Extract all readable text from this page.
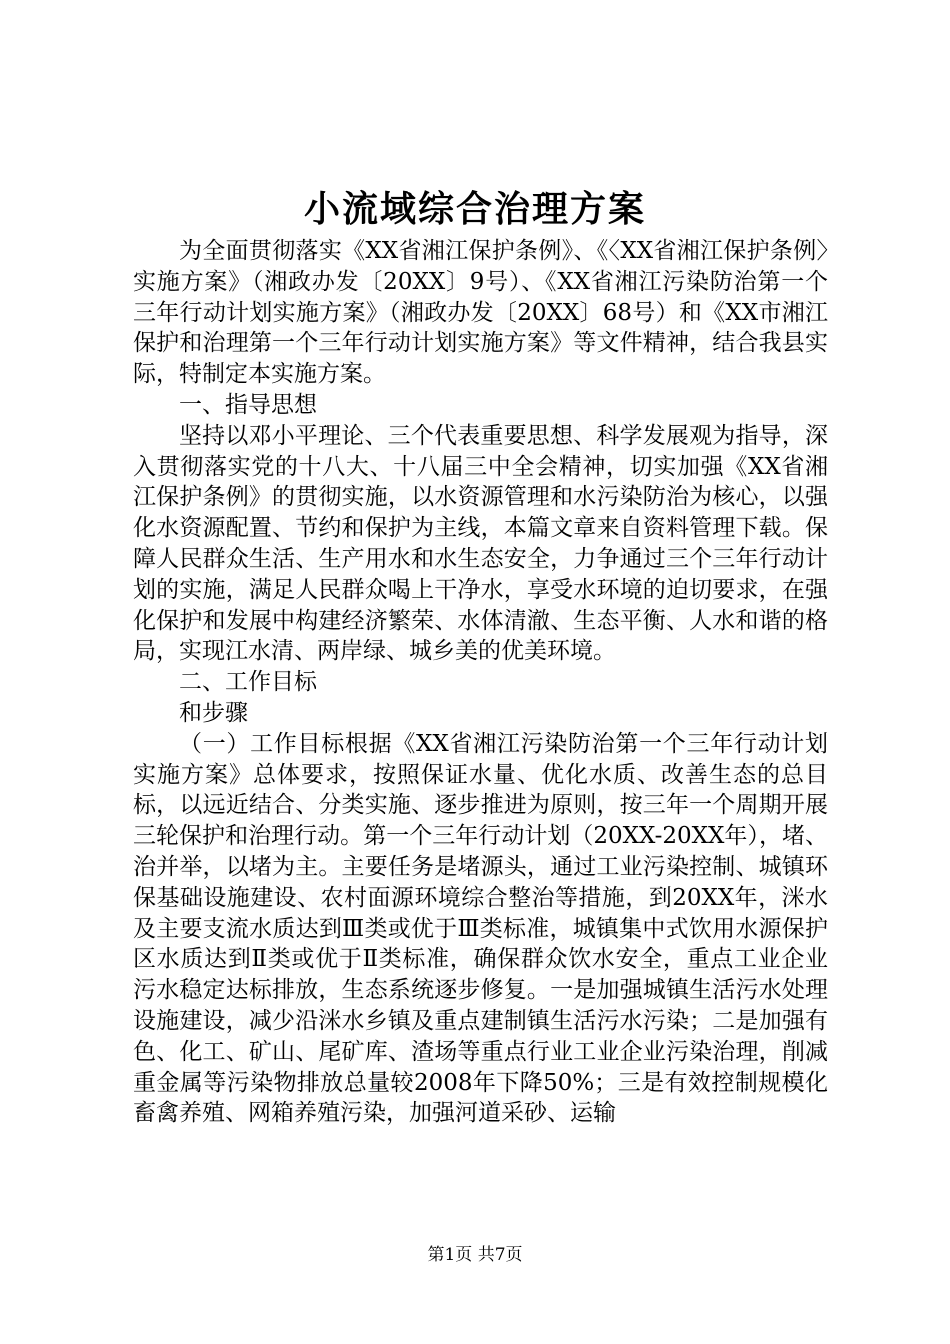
小流域综合治理方案

为全面贯彻落实《XX省湘江保护条例》、《〈XX省湘江保护条例〉实施方案》（湘政办发〔20XX〕9号）、《XX省湘江污染防治第一个三年行动计划实施方案》（湘政办发〔20XX〕68号）和《XX市湘江保护和治理第一个三年行动计划实施方案》等文件精神，结合我县实际，特制定本实施方案。

一、指导思想

坚持以邓小平理论、三个代表重要思想、科学发展观为指导，深入贯彻落实党的十八大、十八届三中全会精神，切实加强《XX省湘江保护条例》的贯彻实施，以水资源管理和水污染防治为核心，以强化水资源配置、节约和保护为主线，本篇文章来自资料管理下载。保障人民群众生活、生产用水和水生态安全，力争通过三个三年行动计划的实施，满足人民群众喝上干净水，享受水环境的迫切要求，在强化保护和发展中构建经济繁荣、水体清澈、生态平衡、人水和谐的格局，实现江水清、两岸绿、城乡美的优美环境。

二、工作目标

和步骤

（一）工作目标根据《XX省湘江污染防治第一个三年行动计划实施方案》总体要求，按照保证水量、优化水质、改善生态的总目标，以远近结合、分类实施、逐步推进为原则，按三年一个周期开展三轮保护和治理行动。第一个三年行动计划（20XX-20XX年），堵、治并举，以堵为主。主要任务是堵源头，通过工业污染控制、城镇环保基础设施建设、农村面源环境综合整治等措施，到20XX年，洣水及主要支流水质达到Ⅲ类或优于Ⅲ类标准，城镇集中式饮用水源保护区水质达到Ⅱ类或优于Ⅱ类标准，确保群众饮水安全，重点工业企业污水稳定达标排放，生态系统逐步修复。一是加强城镇生活污水处理设施建设，减少沿洣水乡镇及重点建制镇生活污水污染；二是加强有色、化工、矿山、尾矿库、渣场等重点行业工业企业污染治理，削减重金属等污染物排放总量较2008年下降50%；三是有效控制规模化畜禽养殖、网箱养殖污染，加强河道采砂、运输

第1页 共7页
